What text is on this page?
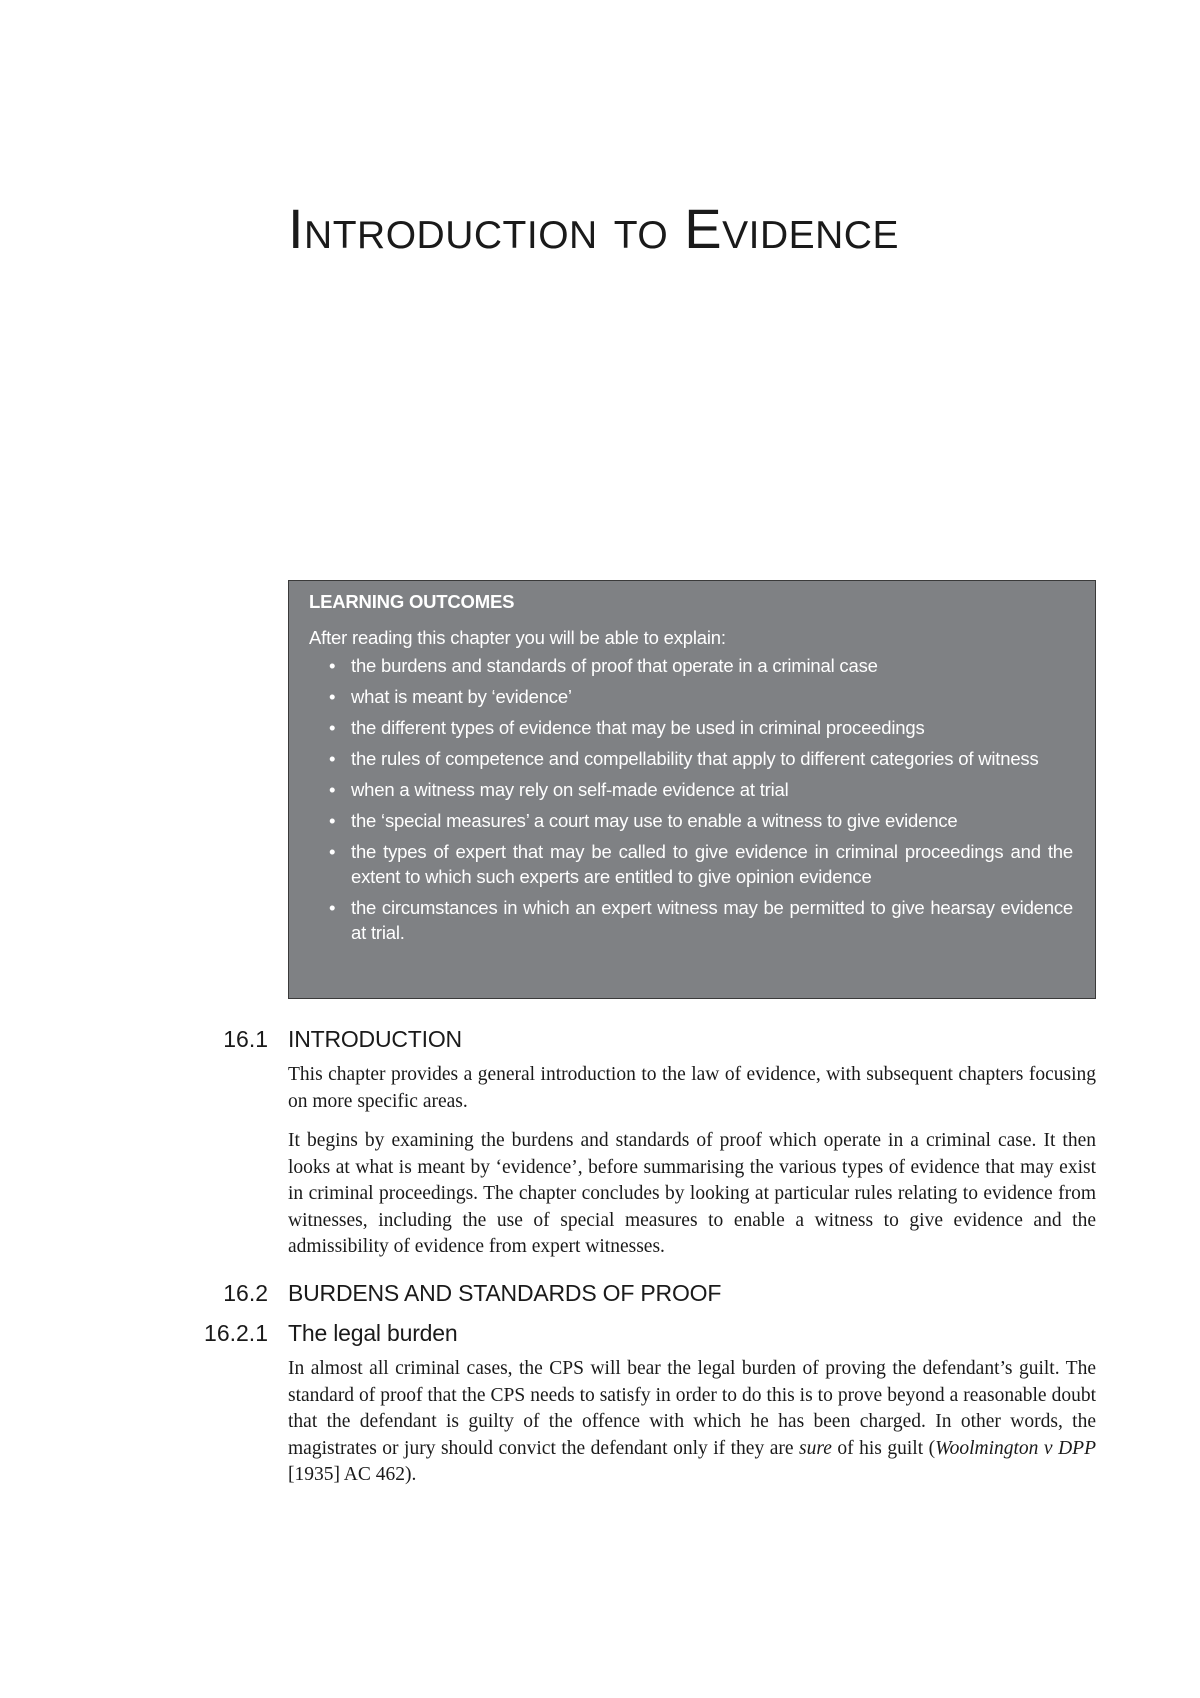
Introduction to Evidence
LEARNING OUTCOMES
After reading this chapter you will be able to explain:
• the burdens and standards of proof that operate in a criminal case
• what is meant by ‘evidence’
• the different types of evidence that may be used in criminal proceedings
• the rules of competence and compellability that apply to different categories of witness
• when a witness may rely on self-made evidence at trial
• the ‘special measures’ a court may use to enable a witness to give evidence
• the types of expert that may be called to give evidence in criminal proceedings and the extent to which such experts are entitled to give opinion evidence
• the circumstances in which an expert witness may be permitted to give hearsay evidence at trial.
16.1 INTRODUCTION

This chapter provides a general introduction to the law of evidence, with subsequent chapters focusing on more specific areas.

It begins by examining the burdens and standards of proof which operate in a criminal case. It then looks at what is meant by ‘evidence’, before summarising the various types of evidence that may exist in criminal proceedings. The chapter concludes by looking at particular rules relating to evidence from witnesses, including the use of special measures to enable a witness to give evidence and the admissibility of evidence from expert witnesses.

16.2 BURDENS AND STANDARDS OF PROOF
16.2.1 The legal burden

In almost all criminal cases, the CPS will bear the legal burden of proving the defendant’s guilt. The standard of proof that the CPS needs to satisfy in order to do this is to prove beyond a reasonable doubt that the defendant is guilty of the offence with which he has been charged. In other words, the magistrates or jury should convict the defendant only if they are sure of his guilt (Woolmington v DPP [1935] AC 462).
